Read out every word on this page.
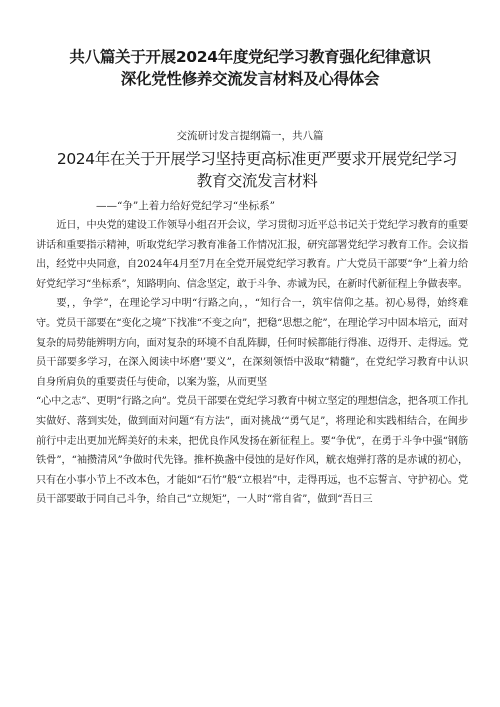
共八篇关于开展2024年度党纪学习教育强化纪律意识
深化党性修养交流发言材料及心得体会
交流研讨发言提纲篇一，共八篇
2024年在关于开展学习坚持更高标准更严要求开展党纪学习
教育交流发言材料
——“争”上着力给好党纪学习“坐标系”

近日，中央党的建设工作领导小组召开会议，学习贯彻习近平总书记关于党纪学习教育的重要讲话和重要指示精神，听取党纪学习教育准备工作情况汇报，研究部署党纪学习教育工作。会议指出，经党中央同意，自2024年4月至7月在全党开展党纪学习教育。广大党员干部要“争”上着力给好党纪学习“坐标系”，知路明向、信念坚定，敢于斗争、赤诚为民，在新时代新征程上争做表率。

要，，争学”，在理论学习中明“行路之向，，“知行合一，筑牢信仰之基。初心易得，始终难守。党员干部要在“变化之境”下找准“不变之向”，把稳“思想之舵”，在理论学习中固本培元，面对复杂的局势能辨明方向，面对复杂的环境不自乱阵脚，任何时候都能行得准、迈得开、走得远。党员干部要多学习，在深入阅读中坏磨'’要义”，在深刻领悟中汲取“精髓”，在党纪学习教育中认识自身所肩负的重要责任与使命，以案为鉴，从而更坚

“心中之志”、更明“行路之向”。党员干部要在党纪学习教育中树立坚定的理想信念，把各项工作扎实做好、落到实处，做到面对问题“有方法”，面对挑战‘“勇气足”，将理论和实践相结合，在闽步前行中走出更加光辉美好的未来，把优良作风发扬在新征程上。要“争优”，在勇于斗争中强“钢筋铁骨”，“袖攒清风”争做时代先锋。推杯换盏中侵蚀的是好作风，觥衣炮弹打落的是赤诚的初心，只有在小事小节上不改本色，才能如“石竹”般“立根岩”中，走得再远，也不忘誓言、守护初心。党员干部要敢于同自己斗争，给自己“立规矩”，一人时“常自省”，做到“吾日三
